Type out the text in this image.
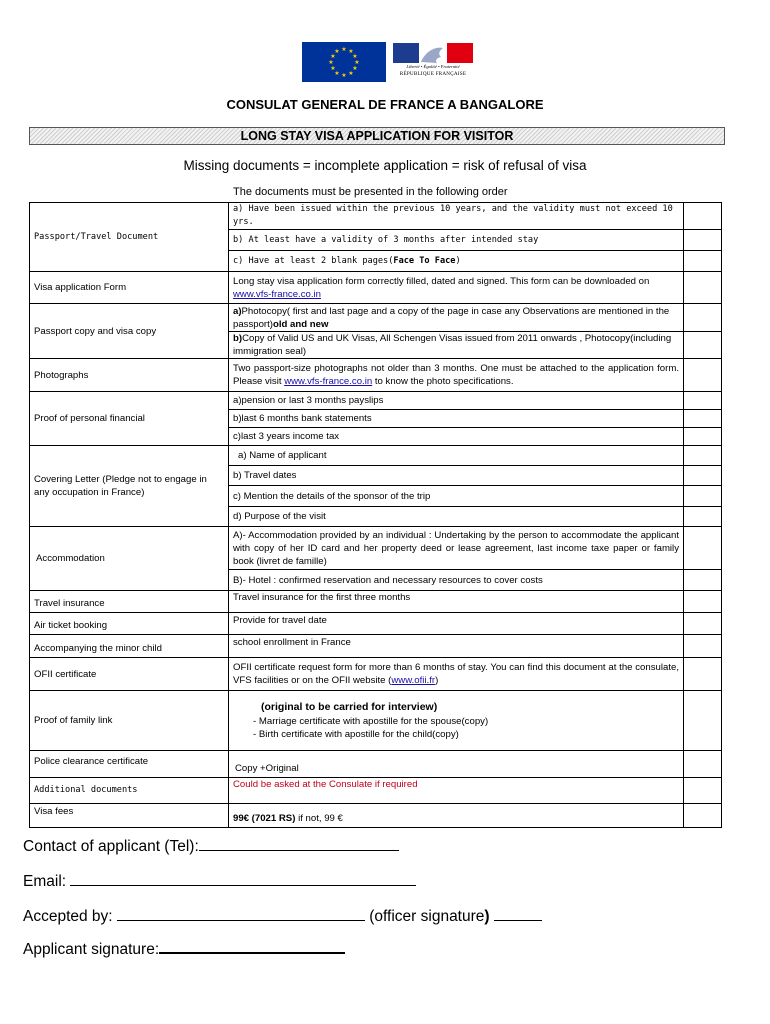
★ ★
★
★
★
★
★
★
★
★
★
★
Liberté • Égalité • Fraternité
RÉPUBLIQUE FRANÇAISE
CONSULAT GENERAL DE FRANCE A BANGALORE
LONG STAY VISA APPLICATION FOR VISITOR
Missing documents = incomplete application = risk of refusal of visa
The documents must be presented in the following order
Passport/Travel Document	a) Have been issued within the previous 10 years, and the validity must not exceed 10 yrs.	
	b) At least have a validity of 3 months after intended stay	
	c) Have at least 2 blank pages(Face To Face)	
Visa application Form	Long stay visa application form correctly filled, dated and signed. This form can be downloaded on
www.vfs-france.co.in	
Passport copy and visa copy	a)Photocopy( first and last page and a copy of the page in case any Observations are mentioned in the passport)old and new	
	b)Copy of Valid US and UK Visas, All Schengen Visas issued from 2011 onwards , Photocopy(including immigration seal)	
Photographs	Two passport-size photographs not older than 3 months. One must be attached to the application form. Please visit www.vfs-france.co.in to know the photo specifications.	
Proof of personal financial	a)pension or last 3 months payslips	
	b)last 6 months bank statements	
	c)last 3 years income tax	
Covering Letter (Pledge not to engage in any occupation in France)	a) Name of applicant	
	b) Travel dates	
	c) Mention the details of the sponsor of the trip	
	d) Purpose of the visit	
Accommodation	A)- Accommodation provided by an individual : Undertaking by the person to accommodate the applicant with copy of her ID card and her property deed or lease agreement, last income taxe paper or family book (livret de famille)	
	B)- Hotel : confirmed reservation and necessary resources to cover costs	
Travel insurance	Travel insurance for the first three months	
Air ticket booking	Provide for travel date	
Accompanying the minor child	school enrollment in France	
OFII certificate	OFII certificate request form for more than 6 months of stay. You can find this document at the consulate, VFS facilities or on the OFII website (www.ofii.fr)	
Proof of family link	(original to be carried for interview)
- Marriage certificate with apostille for the spouse(copy)
- Birth certificate with apostille for the child(copy)	

Police clearance certificate	Copy +Original	
Additional documents	Could be asked at the Consulate if required	
Visa fees	99€ (7021 RS) if not, 99 €	
Contact of applicant (Tel):
Email:
Accepted by:	(officer signature)
Applicant signature:
